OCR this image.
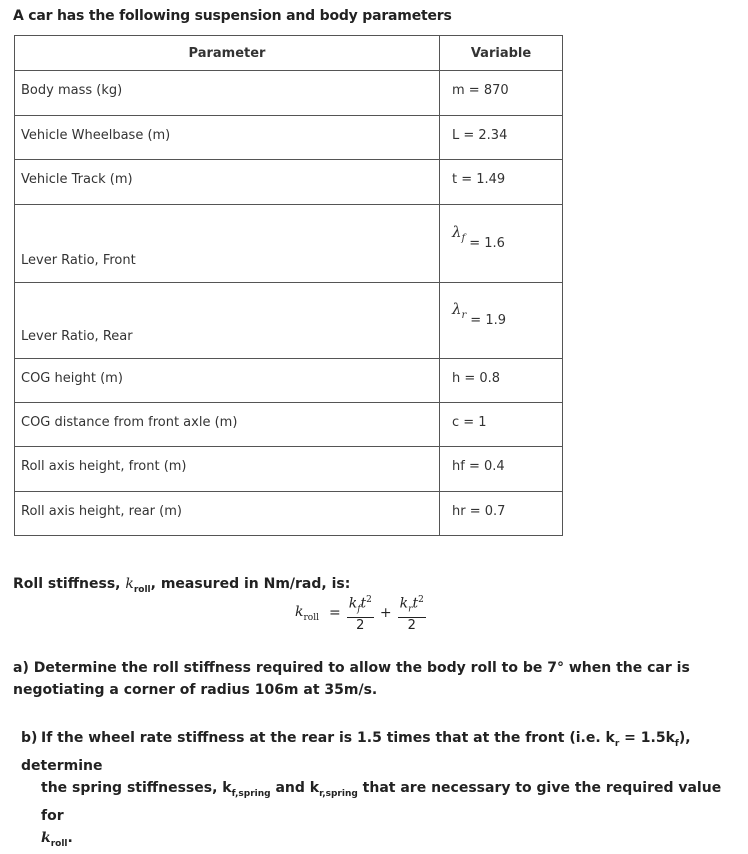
A car has the following suspension and body parameters
Parameter	Variable
Body mass (kg)	m = 870
Vehicle Wheelbase (m)	L = 2.34
Vehicle Track (m)	t = 1.49
Lever Ratio, Front	$\lambda_f = 1.6$
Lever Ratio, Rear	$\lambda_r = 1.9$
COG height (m)	h = 0.8
COG distance from front axle (m)	c = 1
Roll axis height, front (m)	hf = 0.4
Roll axis height, rear (m)	hr = 0.7
Roll stiffness, $k_{roll}$, measured in Nm/rad, is:
$k_{roll} = \frac{k_ft^2}{2} + \frac{k_rt^2}{2}$
a) Determine the roll stiffness required to allow the body roll to be 7° when the car is negotiating a corner of radius 106m at 35m/s.
b) If the wheel rate stiffness at the rear is 1.5 times that at the front (i.e. $k_r = 1.5k_f$), determine
the spring stiffnesses, $k_{f,spring}$ and $k_{r,spring}$ that are necessary to give the required value for
$k_{roll}$.
